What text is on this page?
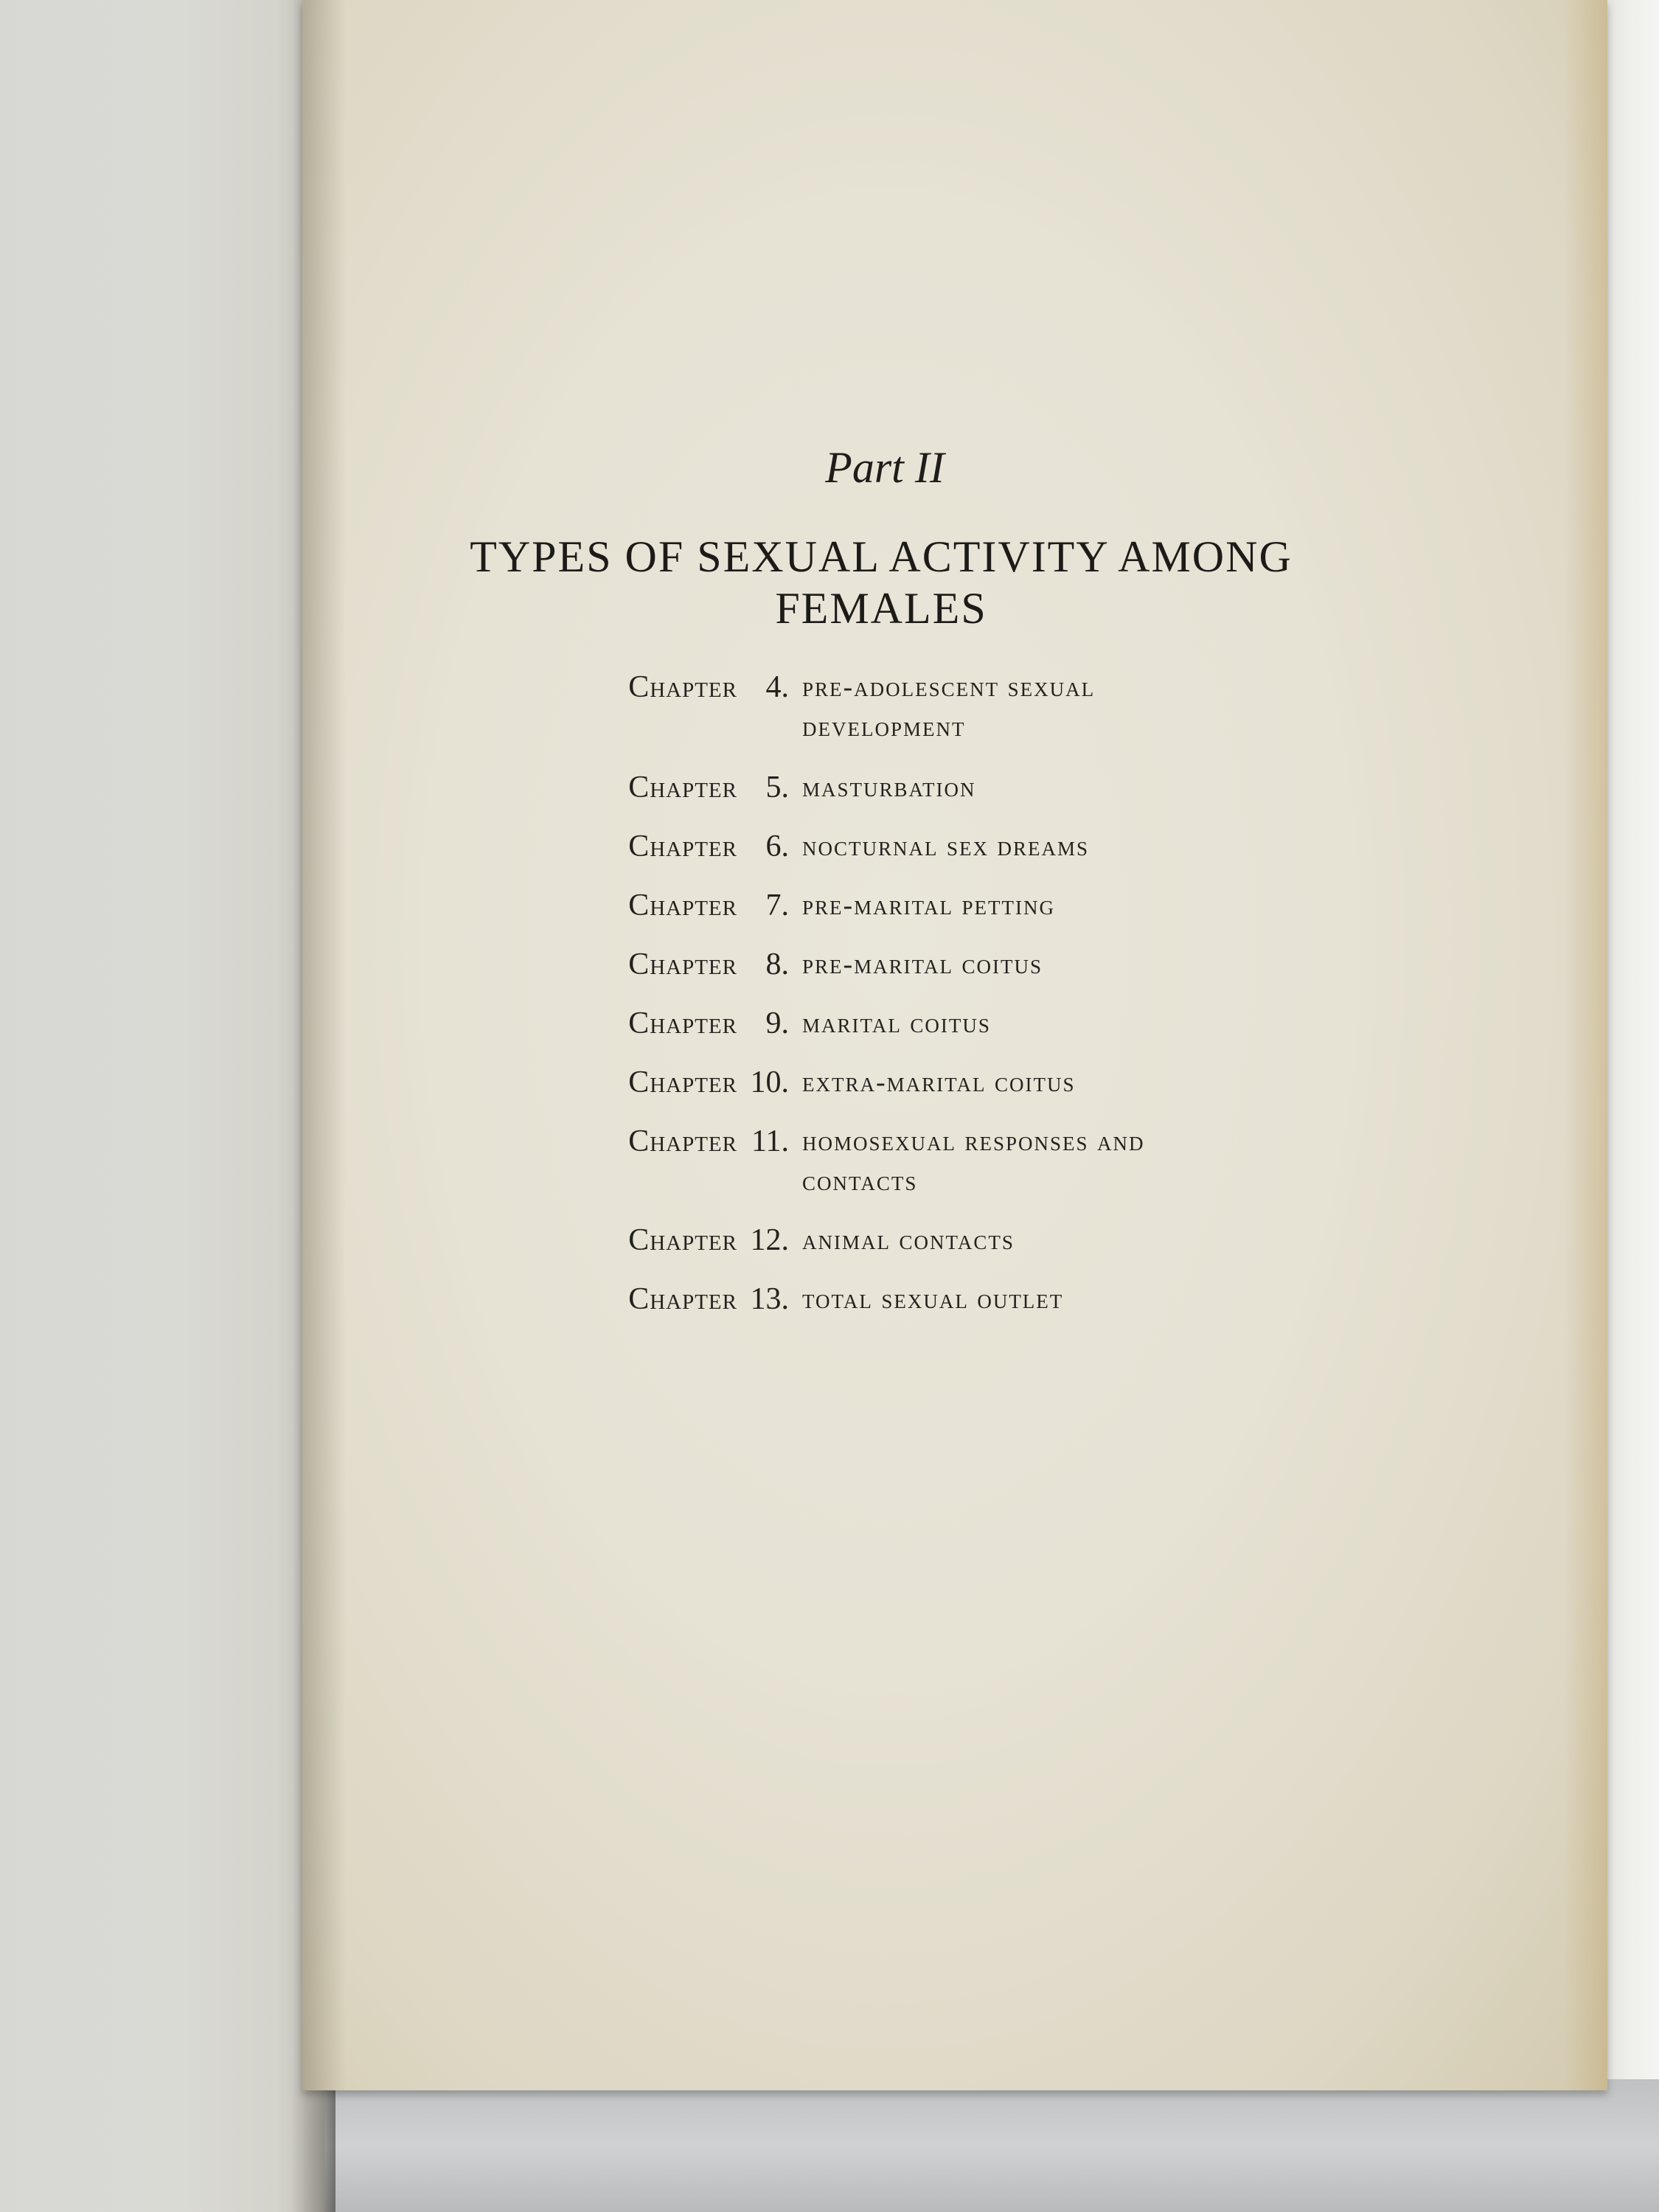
Part II
TYPES OF SEXUAL ACTIVITY AMONG FEMALES
Chapter 4. pre-adolescent sexual development
Chapter 5. masturbation
Chapter 6. nocturnal sex dreams
Chapter 7. pre-marital petting
Chapter 8. pre-marital coitus
Chapter 9. marital coitus
Chapter 10. extra-marital coitus
Chapter 11. homosexual responses and contacts
Chapter 12. animal contacts
Chapter 13. total sexual outlet
